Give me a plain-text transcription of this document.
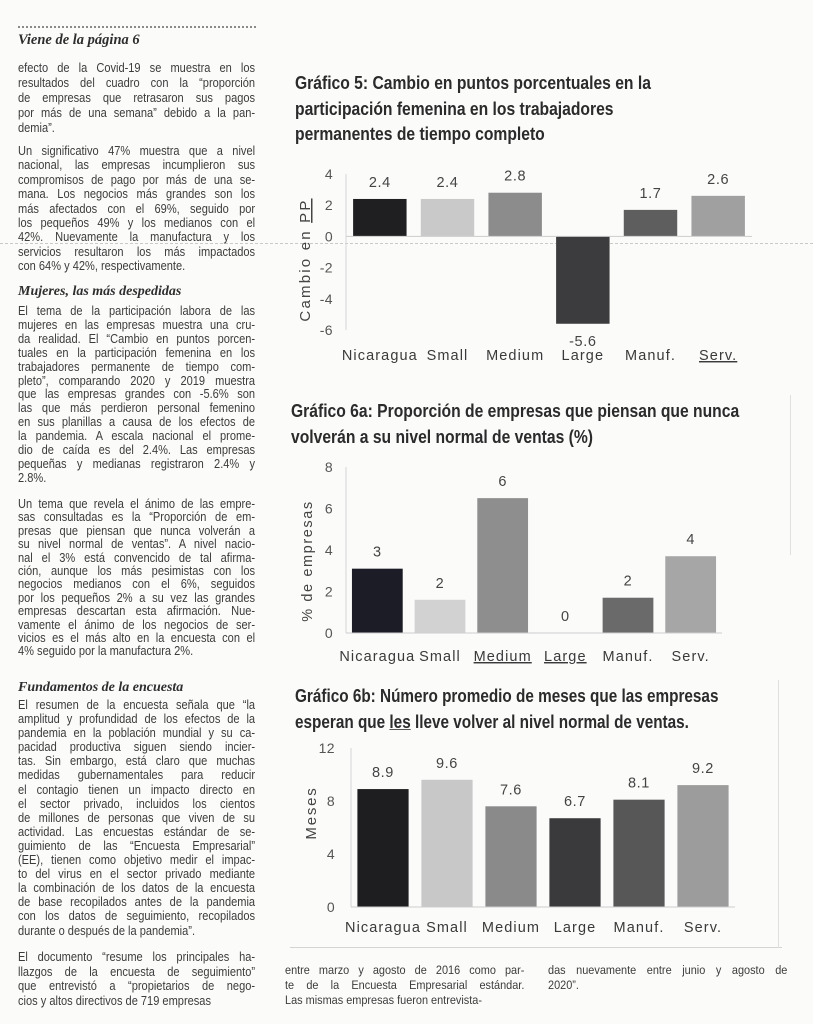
Viene de la página 6
efecto de la Covid-19 se muestra en los
resultados del cuadro con la “proporción
de empresas que retrasaron sus pagos
por más de una semana” debido a la pan-
demia”.
Un significativo 47% muestra que a nivel
nacional, las empresas incumplieron sus
compromisos de pago por más de una se-
mana. Los negocios más grandes son los
más afectados con el 69%, seguido por
los pequeños 49% y los medianos con el
42%. Nuevamente la manufactura y los
servicios resultaron los más impactados
con 64% y 42%, respectivamente.
Mujeres, las más despedidas
El tema de la participación labora de las
mujeres en las empresas muestra una cru-
da realidad. El “Cambio en puntos porcen-
tuales en la participación femenina en los
trabajadores permanente de tiempo com-
pleto”, comparando 2020 y 2019 muestra
que las empresas grandes con -5.6% son
las que más perdieron personal femenino
en sus planillas a causa de los efectos de
la pandemia. A escala nacional el prome-
dio de caída es del 2.4%. Las empresas
pequeñas y medianas registraron 2.4% y
2.8%.
Un tema que revela el ánimo de las empre-
sas consultadas es la “Proporción de em-
presas que piensan que nunca volverán a
su nivel normal de ventas”. A nivel nacio-
nal el 3% está convencido de tal afirma-
ción, aunque los más pesimistas con los
negocios medianos con el 6%, seguidos
por los pequeños 2% a su vez las grandes
empresas descartan esta afirmación. Nue-
vamente el ánimo de los negocios de ser-
vicios es el más alto en la encuesta con el
4% seguido por la manufactura 2%.
Fundamentos de la encuesta
El resumen de la encuesta señala que “la
amplitud y profundidad de los efectos de la
pandemia en la población mundial y su ca-
pacidad productiva siguen siendo incier-
tas. Sin embargo, está claro que muchas
medidas gubernamentales para reducir
el contagio tienen un impacto directo en
el sector privado, incluidos los cientos
de millones de personas que viven de su
actividad. Las encuestas estándar de se-
guimiento de las “Encuesta Empresarial”
(EE), tienen como objetivo medir el impac-
to del virus en el sector privado mediante
la combinación de los datos de la encuesta
de base recopilados antes de la pandemia
con los datos de seguimiento, recopilados
durante o después de la pandemia”.
El documento “resume los principales ha-
llazgos de la encuesta de seguimiento”
que entrevistó a “propietarios de nego-
cios y altos directivos de 719 empresas
entre marzo y agosto de 2016 como par-
te de la Encuesta Empresarial estándar.
Las mismas empresas fueron entrevista-
das nuevamente entre junio y agosto de
2020”.
Gráfico 5: Cambio en puntos porcentuales en la
participación femenina en los trabajadores
permanentes de tiempo completo
Gráfico 6a: Proporción de empresas que piensan que nunca
volverán a su nivel normal de ventas (%)
Gráfico 6b: Número promedio de meses que las empresas
esperan que les lleve volver al nivel normal de ventas.
-6
-4
-2
0
2
4
2.4
Nicaragua
2.4
Small
2.8
Medium
-5.6
Large
1.7
Manuf.
2.6
Serv.
Cambio en PP
0
2
4
6
8
3
Nicaragua
2
Small
6
Medium
0
Large
2
Manuf.
4
Serv.
% de empresas
0
4
8
12
8.9
Nicaragua
9.6
Small
7.6
Medium
6.7
Large
8.1
Manuf.
9.2
Serv.
Meses
